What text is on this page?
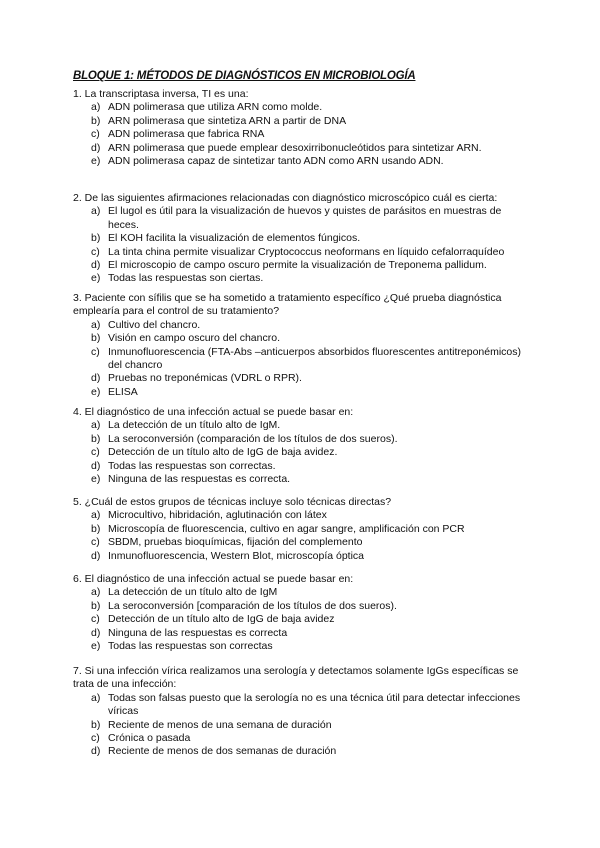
BLOQUE 1: MÉTODOS DE DIAGNÓSTICOS EN MICROBIOLOGÍA

1. La transcriptasa inversa, TI es una:

a) ADN polimerasa que utiliza ARN como molde.
b) ARN polimerasa que sintetiza ARN a partir de DNA
c) ADN polimerasa que fabrica RNA
d) ARN polimerasa que puede emplear desoxirribonucleótidos para sintetizar ARN.
e) ADN polimerasa capaz de sintetizar tanto ADN como ARN usando ADN.

2. De las siguientes afirmaciones relacionadas con diagnóstico microscópico cuál es cierta:

a) El lugol es útil para la visualización de huevos y quistes de parásitos en muestras de heces.
b) El KOH facilita la visualización de elementos fúngicos.
c) La tinta china permite visualizar Cryptococcus neoformans en líquido cefalorraquídeo
d) El microscopio de campo oscuro permite la visualización de Treponema pallidum.
e) Todas las respuestas son ciertas.

3. Paciente con sífilis que se ha sometido a tratamiento específico ¿Qué prueba diagnóstica emplearía para el control de su tratamiento?

a) Cultivo del chancro.
b) Visión en campo oscuro del chancro.
c) Inmunofluorescencia (FTA-Abs –anticuerpos absorbidos fluorescentes antitreponémicos) del chancro
d) Pruebas no treponémicas (VDRL o RPR).
e) ELISA

4. El diagnóstico de una infección actual se puede basar en:

a) La detección de un título alto de IgM.
b) La seroconversión (comparación de los títulos de dos sueros).
c) Detección de un título alto de IgG de baja avidez.
d) Todas las respuestas son correctas.
e) Ninguna de las respuestas es correcta.

5. ¿Cuál de estos grupos de técnicas incluye solo técnicas directas?

a) Microcultivo, hibridación, aglutinación con látex
b) Microscopía de fluorescencia, cultivo en agar sangre, amplificación con PCR
c) SBDM, pruebas bioquímicas, fijación del complemento
d) Inmunofluorescencia, Western Blot, microscopía óptica

6. El diagnóstico de una infección actual se puede basar en:

a) La detección de un título alto de IgM
b) La seroconversión [comparación de los títulos de dos sueros).
c) Detección de un título alto de IgG de baja avidez
d) Ninguna de las respuestas es correcta
e) Todas las respuestas son correctas

7. Si una infección vírica realizamos una serología y detectamos solamente IgGs específicas se trata de una infección:

a) Todas son falsas puesto que la serología no es una técnica útil para detectar infecciones víricas
b) Reciente de menos de una semana de duración
c) Crónica o pasada
d) Reciente de menos de dos semanas de duración
